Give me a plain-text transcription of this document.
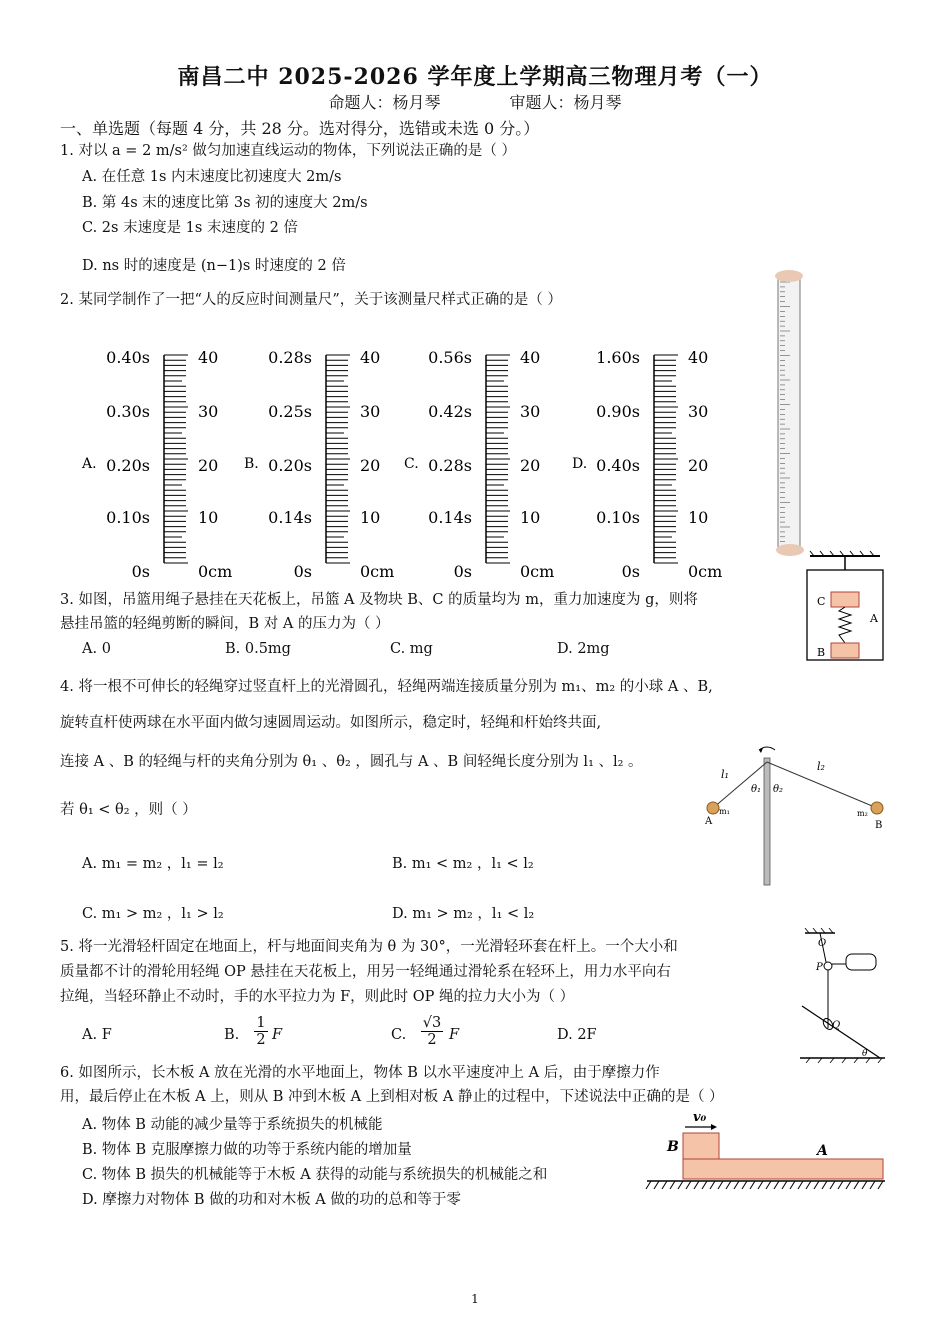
南昌二中 2025-2026 学年度上学期高三物理月考（一）
命题人：杨月琴	审题人：杨月琴
一、单选题（每题 4 分，共 28 分。选对得分，选错或未选 0 分。）
1. 对以 a = 2 m/s² 做匀加速直线运动的物体，下列说法正确的是（ ）
A. 在任意 1s 内末速度比初速度大 2m/s
B. 第 4s 末的速度比第 3s 初的速度大 2m/s
C. 2s 末速度是 1s 末速度的 2 倍
D. ns 时的速度是 (n−1)s 时速度的 2 倍
2. 某同学制作了一把“人的反应时间测量尺”，关于该测量尺样式正确的是（ ）
A.
0.40s
0.30s
0.20s
0.10s
0s
40
30
20
10
0cm
B.
0.28s
0.25s
0.20s
0.14s
0s
40
30
20
10
0cm
C.
0.56s
0.42s
0.28s
0.14s
0s
40
30
20
10
0cm
D.
1.60s
0.90s
0.40s
0.10s
0s
40
30
20
10
0cm
3. 如图，吊篮用绳子悬挂在天花板上，吊篮 A 及物块 B、C 的质量均为 m，重力加速度为 g，则将
悬挂吊篮的轻绳剪断的瞬间，B 对 A 的压力为（ ）
A. 0	B. 0.5mg	C. mg	D. 2mg
C
A
B
4. 将一根不可伸长的轻绳穿过竖直杆上的光滑圆孔，轻绳两端连接质量分别为 m₁、m₂ 的小球 A 、B,
旋转直杆使两球在水平面内做匀速圆周运动。如图所示，稳定时，轻绳和杆始终共面,
连接 A 、B 的轻绳与杆的夹角分别为 θ₁ 、θ₂ ，圆孔与 A 、B 间轻绳长度分别为 l₁ 、l₂ 。
若 θ₁ < θ₂ ，则（ ）
A. m₁ = m₂ ，l₁ = l₂	B. m₁ < m₂ ，l₁ < l₂
C. m₁ > m₂ ，l₁ > l₂	D. m₁ > m₂ ，l₁ < l₂
θ₁ θ₂
l₁
l₂
m₁	m₂
A	B
5. 将一光滑轻杆固定在地面上，杆与地面间夹角为 θ 为 30°，一光滑轻环套在杆上。一个大小和
质量都不计的滑轮用轻绳 OP 悬挂在天花板上，用另一轻绳通过滑轮系在轻环上，用力水平向右
拉绳，当轻环静止不动时，手的水平拉力为 F，则此时 OP 绳的拉力大小为（ ）
A. F	B. $\frac{1}{2}$ F	C. $\frac{√3}{2}$ F	D. 2F
O
P
Q
θ
6. 如图所示，长木板 A 放在光滑的水平地面上，物体 B 以水平速度冲上 A 后，由于摩擦力作
用，最后停止在木板 A 上，则从 B 冲到木板 A 上到相对板 A 静止的过程中，下述说法中正确的是（ ）
A. 物体 B 动能的减少量等于系统损失的机械能
B. 物体 B 克服摩擦力做的功等于系统内能的增加量
C. 物体 B 损失的机械能等于木板 A 获得的动能与系统损失的机械能之和
D. 摩擦力对物体 B 做的功和对木板 A 做的功的总和等于零
v₀
B	A
1
